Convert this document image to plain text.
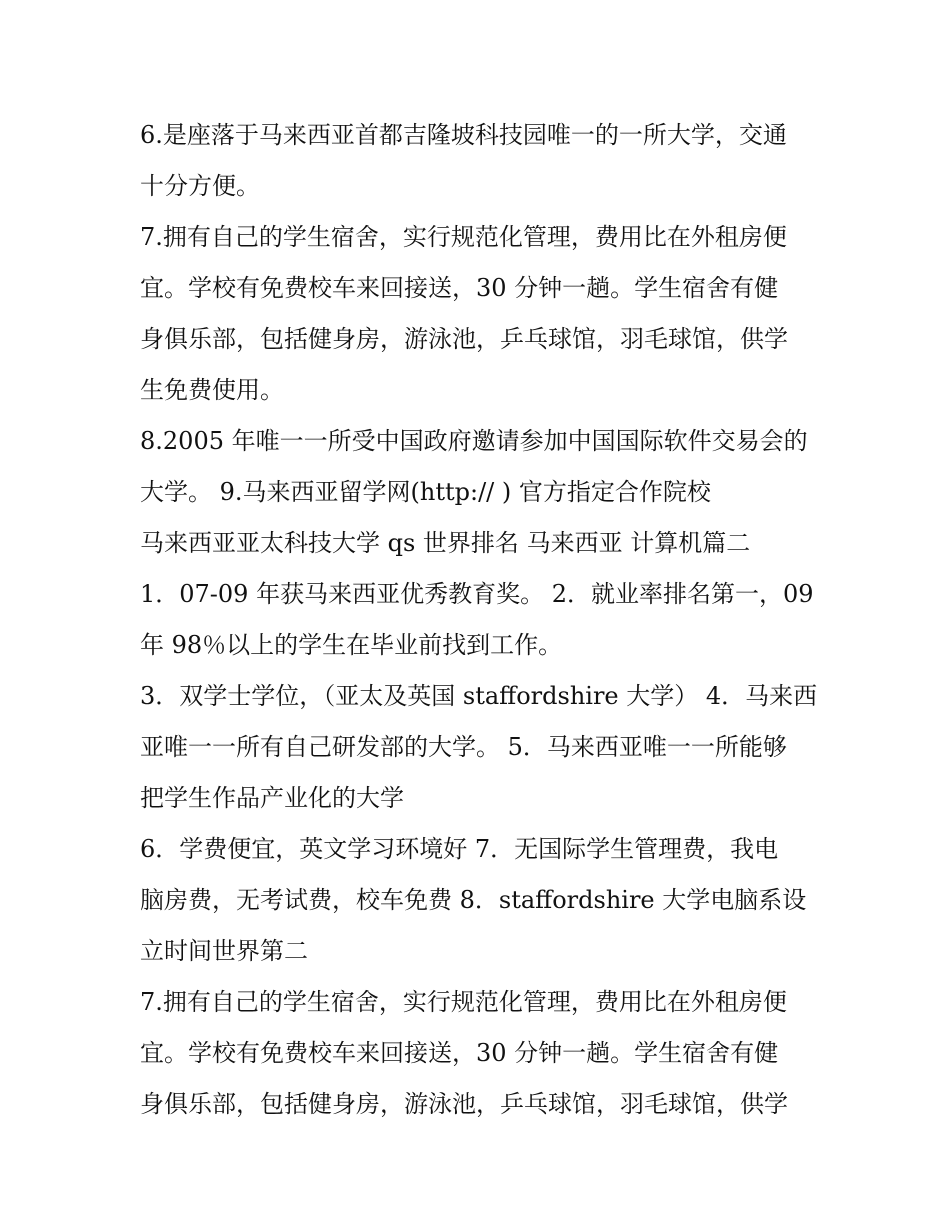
6.是座落于马来西亚首都吉隆坡科技园唯一的一所大学，交通

十分方便。

7.拥有自己的学生宿舍，实行规范化管理，费用比在外租房便

宜。学校有免费校车来回接送，30 分钟一趟。学生宿舍有健

身俱乐部，包括健身房，游泳池，乒乓球馆，羽毛球馆，供学

生免费使用。

8.2005 年唯一一所受中国政府邀请参加中国国际软件交易会的

大学。 9.马来西亚留学网(http:// ) 官方指定合作院校

马来西亚亚太科技大学 qs 世界排名 马来西亚 计算机篇二

1．07-09 年获马来西亚优秀教育奖。 2．就业率排名第一，09

年 98％以上的学生在毕业前找到工作。

3．双学士学位，（亚太及英国 staffordshire 大学） 4．马来西

亚唯一一所有自己研发部的大学。 5．马来西亚唯一一所能够

把学生作品产业化的大学

6．学费便宜，英文学习环境好 7．无国际学生管理费，我电

脑房费，无考试费，校车免费 8．staffordshire 大学电脑系设

立时间世界第二

7.拥有自己的学生宿舍，实行规范化管理，费用比在外租房便

宜。学校有免费校车来回接送，30 分钟一趟。学生宿舍有健

身俱乐部，包括健身房，游泳池，乒乓球馆，羽毛球馆，供学
